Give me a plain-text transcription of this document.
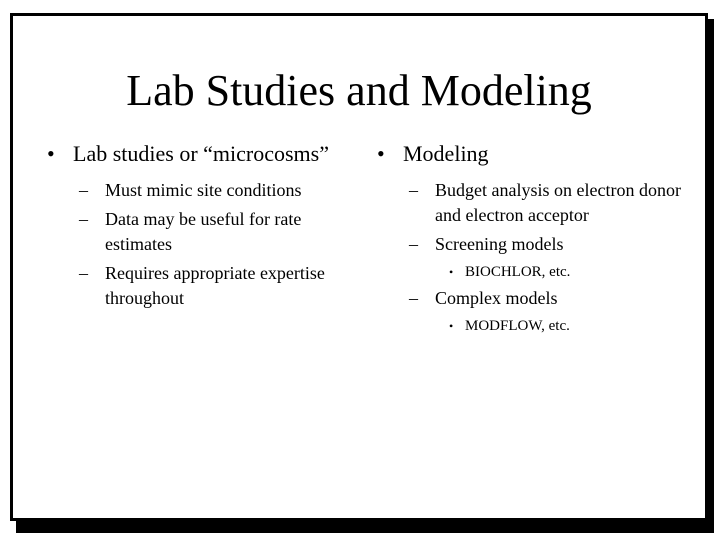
Lab Studies and Modeling
• Lab studies or “microcosms”
– Must mimic site conditions
– Data may be useful for rate estimates
– Requires appropriate expertise throughout
• Modeling
– Budget analysis on electron donor and electron acceptor
– Screening models
• BIOCHLOR, etc.
– Complex models
• MODFLOW, etc.
